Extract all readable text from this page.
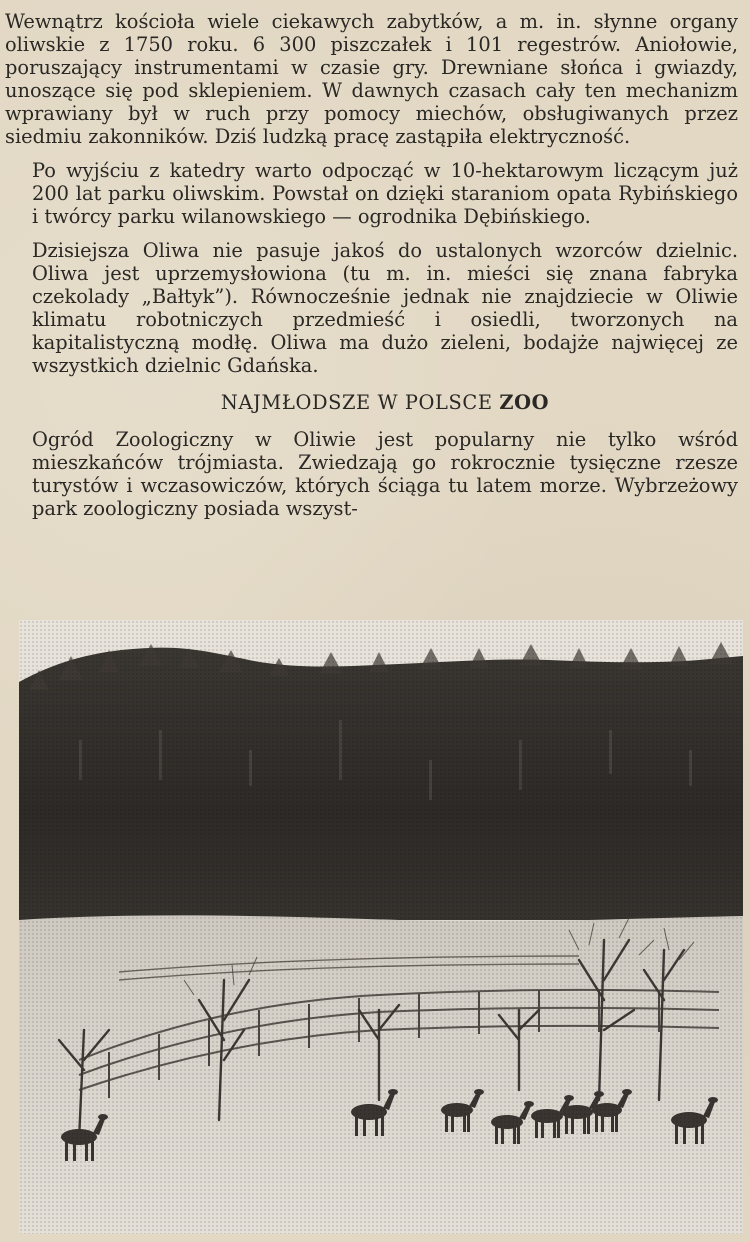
Wewnątrz kościoła wiele ciekawych zabytków, a m. in. słynne organy oliwskie z 1750 roku. 6 300 piszczałek i 101 regestrów. Aniołowie, poruszający instrumentami w czasie gry. Drewniane słońca i gwiazdy, unoszące się pod sklepieniem. W dawnych czasach cały ten mechanizm wprawiany był w ruch przy pomocy miechów, obsługiwanych przez siedmiu zakonników. Dziś ludzką pracę zastąpiła elektryczność.

Po wyjściu z katedry warto odpocząć w 10-hektarowym liczącym już 200 lat parku oliwskim. Powstał on dzięki staraniom opata Rybińskiego i twórcy parku wilanowskiego — ogrodnika Dębińskiego.

Dzisiejsza Oliwa nie pasuje jakoś do ustalonych wzorców dzielnic. Oliwa jest uprzemysłowiona (tu m. in. mieści się znana fabryka czekolady „Bałtyk”). Równocześnie jednak nie znajdziecie w Oliwie klimatu robotniczych przedmieść i osiedli, tworzonych na kapitalistyczną modłę. Oliwa ma dużo zieleni, bodajże najwięcej ze wszystkich dzielnic Gdańska.

NAJMŁODSZE W POLSCE ZOO

Ogród Zoologiczny w Oliwie jest popularny nie tylko wśród mieszkańców trójmiasta. Zwiedzają go rokrocznie tysięczne rzesze turystów i wczasowiczów, których ściąga tu latem morze. Wybrzeżowy park zoologiczny posiada wszyst-
